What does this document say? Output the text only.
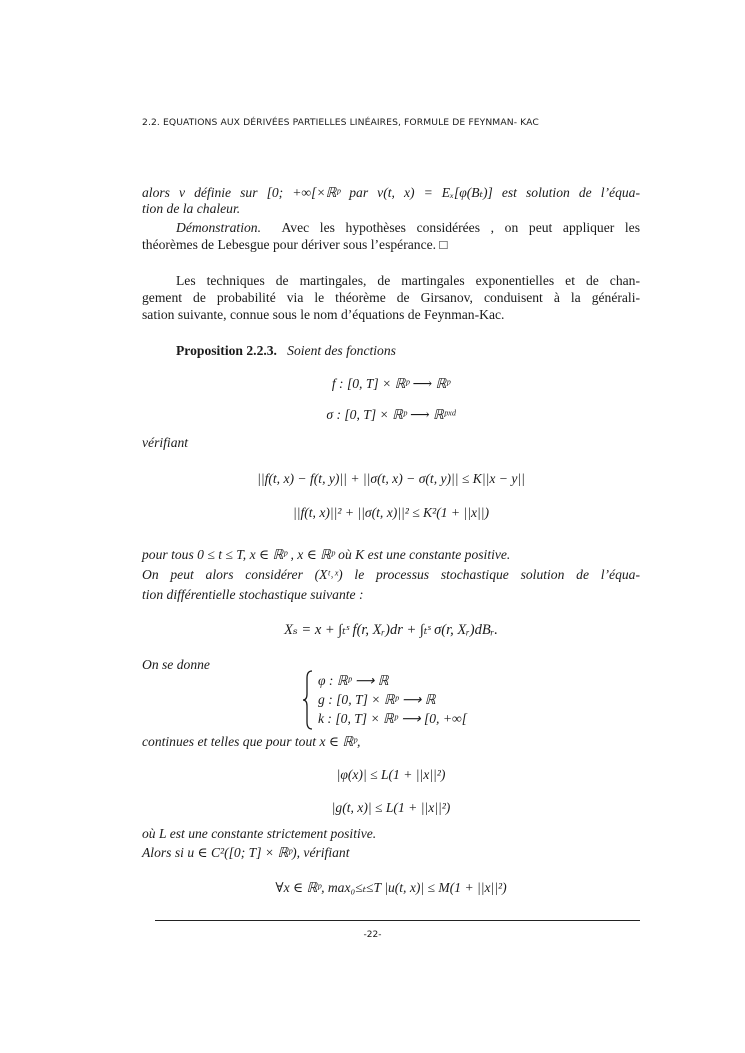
2.2. EQUATIONS AUX DÉRIVÉES PARTIELLES LINÉAIRES, FORMULE DE FEYNMAN- KAC
alors v définie sur [0; +∞[×ℝᵖ par v(t, x) = Eₓ[φ(Bₜ)] est solution de l’équa-
tion de la chaleur.
Démonstration. Avec les hypothèses considérées , on peut appliquer les
théorèmes de Lebesgue pour dériver sous l’espérance. □
Les techniques de martingales, de martingales exponentielles et de chan-
gement de probabilité via le théorème de Girsanov, conduisent à la générali-
sation suivante, connue sous le nom d’équations de Feynman-Kac.
Proposition 2.2.3. Soient des fonctions
f : [0, T] × ℝᵖ ⟶ ℝᵖ
σ : [0, T] × ℝᵖ ⟶ ℝᵖˣᵈ
vérifiant
||f(t, x) − f(t, y)|| + ||σ(t, x) − σ(t, y)|| ≤ K||x − y||
||f(t, x)||² + ||σ(t, x)||² ≤ K²(1 + ||x||)
pour tous 0 ≤ t ≤ T, x ∈ ℝᵖ , x ∈ ℝᵖ où K est une constante positive.
On peut alors considérer (Xᵗ˒ˣ) le processus stochastique solution de l’équa-
tion différentielle stochastique suivante :
Xₛ = x + ∫ₜˢ f(r, Xᵣ)dr + ∫ₜˢ σ(r, Xᵣ)dBᵣ.
On se donne
φ : ℝᵖ ⟶ ℝ
g : [0, T] × ℝᵖ ⟶ ℝ
k : [0, T] × ℝᵖ ⟶ [0, +∞[
continues et telles que pour tout x ∈ ℝᵖ,
|φ(x)| ≤ L(1 + ||x||²)
|g(t, x)| ≤ L(1 + ||x||²)
où L est une constante strictement positive.
Alors si u ∈ C²([0; T] × ℝᵖ), vérifiant
∀x ∈ ℝᵖ, max₀≤ₜ≤T |u(t, x)| ≤ M(1 + ||x||²)
-22-
